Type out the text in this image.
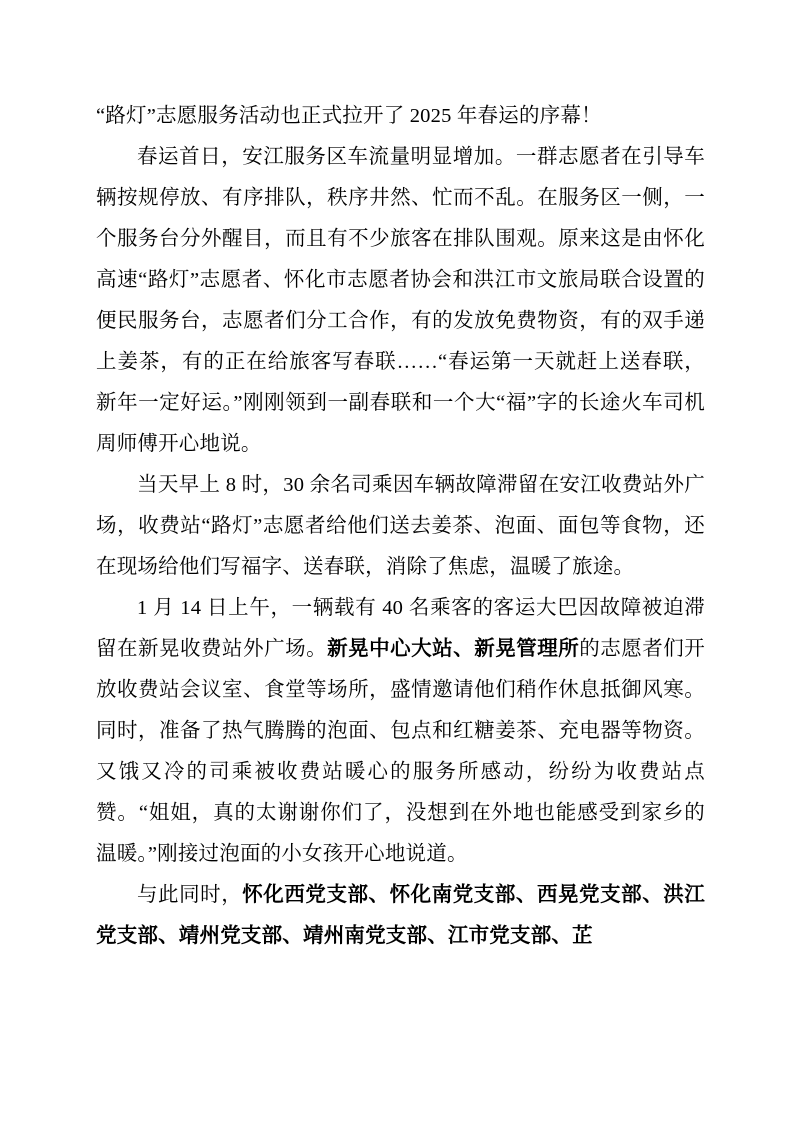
“路灯”志愿服务活动也正式拉开了 2025 年春运的序幕！

春运首日，安江服务区车流量明显增加。一群志愿者在引导车辆按规停放、有序排队，秩序井然、忙而不乱。在服务区一侧，一个服务台分外醒目，而且有不少旅客在排队围观。原来这是由怀化高速“路灯”志愿者、怀化市志愿者协会和洪江市文旅局联合设置的便民服务台，志愿者们分工合作，有的发放免费物资，有的双手递上姜茶，有的正在给旅客写春联……“春运第一天就赶上送春联，新年一定好运。”刚刚领到一副春联和一个大“福”字的长途火车司机周师傅开心地说。

当天早上 8 时，30 余名司乘因车辆故障滞留在安江收费站外广场，收费站“路灯”志愿者给他们送去姜茶、泡面、面包等食物，还在现场给他们写福字、送春联，消除了焦虑，温暖了旅途。

1 月 14 日上午，一辆载有 40 名乘客的客运大巴因故障被迫滞留在新晃收费站外广场。新晃中心大站、新晃管理所的志愿者们开放收费站会议室、食堂等场所，盛情邀请他们稍作休息抵御风寒。同时，准备了热气腾腾的泡面、包点和红糖姜茶、充电器等物资。又饿又冷的司乘被收费站暖心的服务所感动，纷纷为收费站点赞。“姐姐，真的太谢谢你们了，没想到在外地也能感受到家乡的温暖。”刚接过泡面的小女孩开心地说道。

与此同时，怀化西党支部、怀化南党支部、西晃党支部、洪江党支部、靖州党支部、靖州南党支部、江市党支部、芷
